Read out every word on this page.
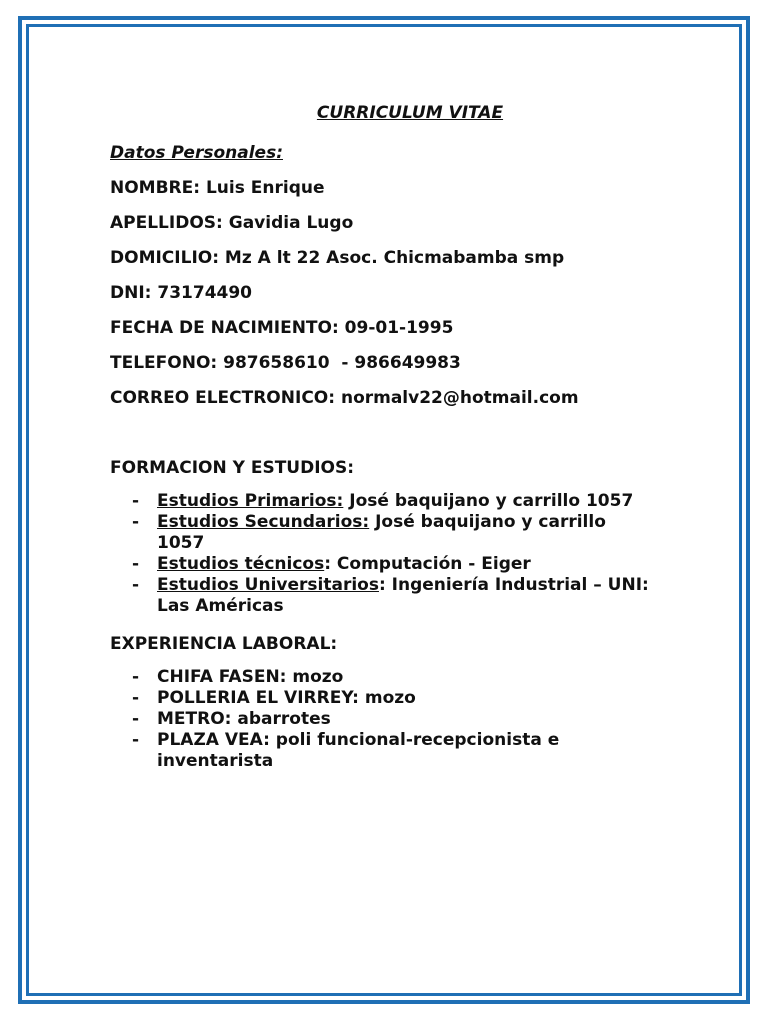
CURRICULUM VITAE
Datos Personales:
NOMBRE: Luis Enrique
APELLIDOS: Gavidia Lugo
DOMICILIO: Mz A lt 22 Asoc. Chicmabamba smp
DNI: 73174490
FECHA DE NACIMIENTO: 09-01-1995
TELEFONO: 987658610  - 986649983
CORREO ELECTRONICO: normalv22@hotmail.com
FORMACION Y ESTUDIOS:
- Estudios Primarios: José baquijano y carrillo 1057
- Estudios Secundarios: José baquijano y carrillo 1057
- Estudios técnicos: Computación - Eiger
- Estudios Universitarios: Ingeniería Industrial – UNI: Las Américas
EXPERIENCIA LABORAL:
- CHIFA FASEN: mozo
- POLLERIA EL VIRREY: mozo
- METRO: abarrotes
- PLAZA VEA: poli funcional-recepcionista e inventarista
